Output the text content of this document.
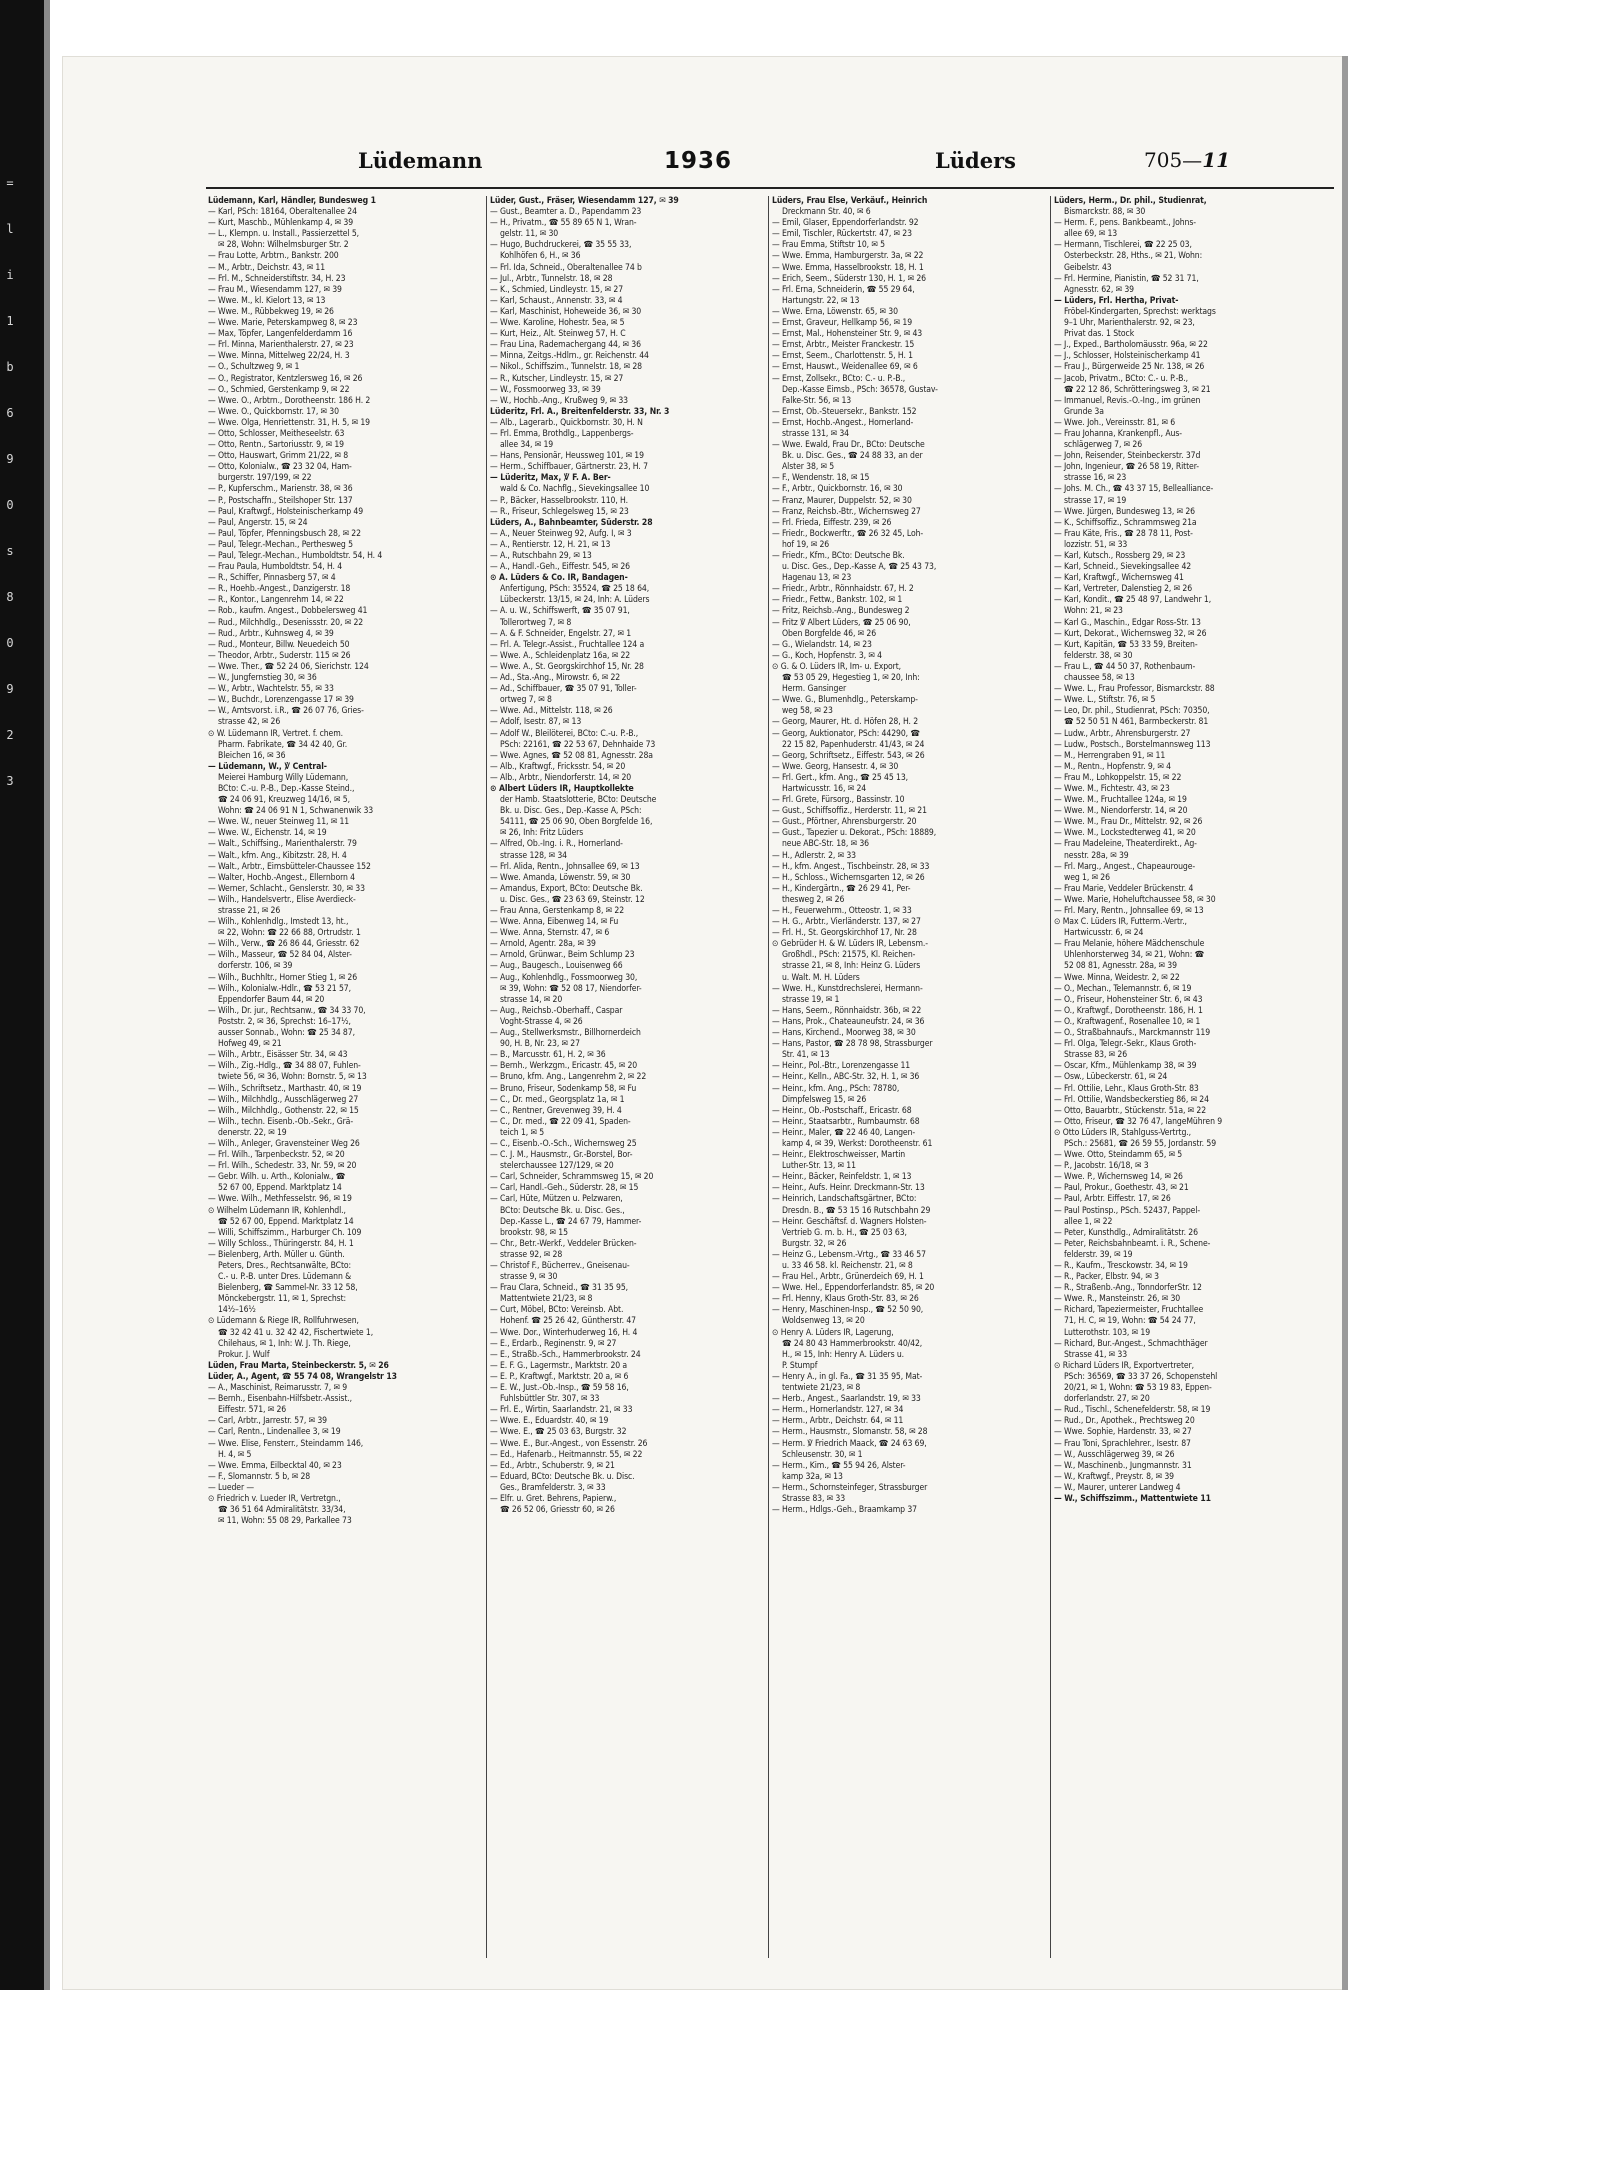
=
l
i
1
b
6
9
0
s
8
0
9
2
3
Lüdemann	1936	Lüders	705—11
Lüdemann, Karl, Händler, Bundesweg 1
— Karl, PSch: 18164, Oberaltenallee 24
— Kurt, Maschb., Mühlenkamp 4, ✉ 39
— L., Klempn. u. Install., Passierzettel 5,
✉ 28, Wohn: Wilhelmsburger Str. 2
— Frau Lotte, Arbtrn., Bankstr. 200
— M., Arbtr., Deichstr. 43, ✉ 11
— Frl. M., Schneiderstiftstr. 34, H. 23
— Frau M., Wiesendamm 127, ✉ 39
— Wwe. M., kl. Kielort 13, ✉ 13
— Wwe. M., Rübbekweg 19, ✉ 26
— Wwe. Marie, Peterskampweg 8, ✉ 23
— Max, Töpfer, Langenfelderdamm 16
— Frl. Minna, Marienthalerstr. 27, ✉ 23
— Wwe. Minna, Mittelweg 22/24, H. 3
— O., Schultzweg 9, ✉ 1
— O., Registrator, Kentzlersweg 16, ✉ 26
— O., Schmied, Gerstenkamp 9, ✉ 22
— Wwe. O., Arbtrn., Dorotheenstr. 186 H. 2
— Wwe. O., Quickbornstr. 17, ✉ 30
— Wwe. Olga, Henriettenstr. 31, H. 5, ✉ 19
— Otto, Schlosser, Meitheseelstr. 63
— Otto, Rentn., Sartoriusstr. 9, ✉ 19
— Otto, Hauswart, Grimm 21/22, ✉ 8
— Otto, Kolonialw., ☎ 23 32 04, Ham-
burgerstr. 197/199, ✉ 22
— P., Kupferschm., Marienstr. 38, ✉ 36
— P., Postschaffn., Steilshoper Str. 137
— Paul, Kraftwgf., Holsteinischerkamp 49
— Paul, Angerstr. 15, ✉ 24
— Paul, Töpfer, Pfenningsbusch 28, ✉ 22
— Paul, Telegr.-Mechan., Perthesweg 5
— Paul, Telegr.-Mechan., Humboldtstr. 54, H. 4
— Frau Paula, Humboldtstr. 54, H. 4
— R., Schiffer, Pinnasberg 57, ✉ 4
— R., Hoehb.-Angest., Danzigerstr. 18
— R., Kontor., Langenrehm 14, ✉ 22
— Rob., kaufm. Angest., Dobbelersweg 41
— Rud., Milchhdlg., Desenissstr. 20, ✉ 22
— Rud., Arbtr., Kuhnsweg 4, ✉ 39
— Rud., Monteur, Billw. Neuedeich 50
— Theodor, Arbtr., Suderstr. 115 ✉ 26
— Wwe. Ther., ☎ 52 24 06, Sierichstr. 124
— W., Jungfernstieg 30, ✉ 36
— W., Arbtr., Wachtelstr. 55, ✉ 33
— W., Buchdr., Lorenzengasse 17 ✉ 39
— W., Amtsvorst. i.R., ☎ 26 07 76, Gries-
strasse 42, ✉ 26
⊙ W. Lüdemann IR, Vertret. f. chem.
Pharm. Fabrikate, ☎ 34 42 40, Gr.
Bleichen 16, ✉ 36
— Lüdemann, W., ℣ Central-
Meierei Hamburg Willy Lüdemann,
BCto: C.-u. P.-B., Dep.-Kasse Steind.,
☎ 24 06 91, Kreuzweg 14/16, ✉ 5,
Wohn: ☎ 24 06 91 N 1, Schwanenwik 33
— Wwe. W., neuer Steinweg 11, ✉ 11
— Wwe. W., Eichenstr. 14, ✉ 19
— Walt., Schiffsing., Marienthalerstr. 79
— Walt., kfm. Ang., Kibitzstr. 28, H. 4
— Walt., Arbtr., Eimsbütteler-Chaussee 152
— Walter, Hochb.-Angest., Ellernborn 4
— Werner, Schlacht., Genslerstr. 30, ✉ 33
— Wilh., Handelsvertr., Elise Averdieck-
strasse 21, ✉ 26
— Wilh., Kohlenhdlg., Imstedt 13, ht.,
✉ 22, Wohn: ☎ 22 66 88, Ortrudstr. 1
— Wilh., Verw., ☎ 26 86 44, Griesstr. 62
— Wilh., Masseur, ☎ 52 84 04, Alster-
dorferstr. 106, ✉ 39
— Wilh., Buchhltr., Horner Stieg 1, ✉ 26
— Wilh., Kolonialw.-Hdlr., ☎ 53 21 57,
Eppendorfer Baum 44, ✉ 20
— Wilh., Dr. jur., Rechtsanw., ☎ 34 33 70,
Poststr. 2, ✉ 36, Sprechst: 16–17½,
ausser Sonnab., Wohn: ☎ 25 34 87,
Hofweg 49, ✉ 21
— Wilh., Arbtr., Eisässer Str. 34, ✉ 43
— Wilh., Zig.-Hdlg., ☎ 34 88 07, Fuhlen-
twiete 56, ✉ 36, Wohn: Bornstr. 5, ✉ 13
— Wilh., Schriftsetz., Marthastr. 40, ✉ 19
— Wilh., Milchhdlg., Ausschlägerweg 27
— Wilh., Milchhdlg., Gothenstr. 22, ✉ 15
— Wilh., techn. Eisenb.-Ob.-Sekr., Grä-
denerstr. 22, ✉ 19
— Wilh., Anleger, Gravensteiner Weg 26
— Frl. Wilh., Tarpenbeckstr. 52, ✉ 20
— Frl. Wilh., Schedestr. 33, Nr. 59, ✉ 20
— Gebr. Wilh. u. Arth., Kolonialw., ☎
52 67 00, Eppend. Marktplatz 14
— Wwe. Wilh., Methfesselstr. 96, ✉ 19
⊙ Wilhelm Lüdemann IR, Kohlenhdl.,
☎ 52 67 00, Eppend. Marktplatz 14
— Willi, Schiffszimm., Harburger Ch. 109
— Willy Schloss., Thüringerstr. 84, H. 1
— Bielenberg, Arth. Müller u. Günth.
Peters, Dres., Rechtsanwälte, BCto:
C.- u. P.-B. unter Dres. Lüdemann &
Bielenberg, ☎ Sammel-Nr. 33 12 58,
Mönckebergstr. 11, ✉ 1, Sprechst:
14½–16½
⊙ Lüdemann & Riege IR, Rollfuhrwesen,
☎ 32 42 41 u. 32 42 42, Fischertwiete 1,
Chilehaus, ✉ 1, Inh: W. J. Th. Riege,
Prokur. J. Wulf
Lüden, Frau Marta, Steinbeckerstr. 5, ✉ 26
Lüder, A., Agent, ☎ 55 74 08, Wrangelstr 13
— A., Maschinist, Reimarusstr. 7, ✉ 9
— Bernh., Eisenbahn-Hilfsbetr.-Assist.,
Eiffestr. 571, ✉ 26
— Carl, Arbtr., Jarrestr. 57, ✉ 39
— Carl, Rentn., Lindenallee 3, ✉ 19
— Wwe. Elise, Fensterr., Steindamm 146,
H. 4, ✉ 5
— Wwe. Emma, Eilbecktal 40, ✉ 23
— F., Slomannstr. 5 b, ✉ 28
— Lueder —
⊙ Friedrich v. Lueder IR, Vertretgn.,
☎ 36 51 64 Admiralitätstr. 33/34,
✉ 11, Wohn: 55 08 29, Parkallee 73
Lüder, Gust., Fräser, Wiesendamm 127, ✉ 39
— Gust., Beamter a. D., Papendamm 23
— H., Privatm., ☎ 55 89 65 N 1, Wran-
gelstr. 11, ✉ 30
— Hugo, Buchdruckerei, ☎ 35 55 33,
Kohlhöfen 6, H., ✉ 36
— Frl. Ida, Schneid., Oberaltenallee 74 b
— Jul., Arbtr., Tunnelstr. 18, ✉ 28
— K., Schmied, Lindleystr. 15, ✉ 27
— Karl, Schaust., Annenstr. 33, ✉ 4
— Karl, Maschinist, Hoheweide 36, ✉ 30
— Wwe. Karoline, Hohestr. 5ea, ✉ 5
— Kurt, Heiz., Alt. Steinweg 57, H. C
— Frau Lina, Rademachergang 44, ✉ 36
— Minna, Zeitgs.-Hdlrn., gr. Reichenstr. 44
— Nikol., Schiffszim., Tunnelstr. 18, ✉ 28
— R., Kutscher, Lindleystr. 15, ✉ 27
— W., Fossmoorweg 33, ✉ 39
— W., Hochb.-Ang., Krußweg 9, ✉ 33
Lüderitz, Frl. A., Breitenfelderstr. 33, Nr. 3
— Alb., Lagerarb., Quickbornstr. 30, H. N
— Frl. Emma, Brothdlg., Lappenbergs-
allee 34, ✉ 19
— Hans, Pensionär, Heussweg 101, ✉ 19
— Herm., Schiffbauer, Gärtnerstr. 23, H. 7
— Lüderitz, Max, ℣ F. A. Ber-
wald & Co. Nachflg., Sievekingsallee 10
— P., Bäcker, Hasselbrookstr. 110, H.
— R., Friseur, Schlegelsweg 15, ✉ 23
Lüders, A., Bahnbeamter, Süderstr. 28
— A., Neuer Steinweg 92, Aufg. I, ✉ 3
— A., Rentierstr. 12, H. 21, ✉ 13
— A., Rutschbahn 29, ✉ 13
— A., Handl.-Geh., Eiffestr. 545, ✉ 26
⊙ A. Lüders & Co. IR, Bandagen-
Anfertigung, PSch: 35524, ☎ 25 18 64,
Lübeckerstr. 13/15, ✉ 24, Inh: A. Lüders
— A. u. W., Schiffswerft, ☎ 35 07 91,
Tollerortweg 7, ✉ 8
— A. & F. Schneider, Engelstr. 27, ✉ 1
— Frl. A. Telegr.-Assist., Fruchtallee 124 a
— Wwe. A., Schleidenplatz 16a, ✉ 22
— Wwe. A., St. Georgskirchhof 15, Nr. 28
— Ad., Sta.-Ang., Mirowstr. 6, ✉ 22
— Ad., Schiffbauer, ☎ 35 07 91, Toller-
ortweg 7, ✉ 8
— Wwe. Ad., Mittelstr. 118, ✉ 26
— Adolf, Isestr. 87, ✉ 13
— Adolf W., Bleilöterei, BCto: C.-u. P.-B.,
PSch: 22161, ☎ 22 53 67, Dehnhaide 73
— Wwe. Agnes, ☎ 52 08 81, Agnesstr. 28a
— Alb., Kraftwgf., Fricksstr. 54, ✉ 20
— Alb., Arbtr., Niendorferstr. 14, ✉ 20
⊙ Albert Lüders IR, Hauptkollekte
der Hamb. Staatslotterie, BCto: Deutsche
Bk. u. Disc. Ges., Dep.-Kasse A, PSch:
54111, ☎ 25 06 90, Oben Borgfelde 16,
✉ 26, Inh: Fritz Lüders
— Alfred, Ob.-Ing. i. R., Hornerland-
strasse 128, ✉ 34
— Frl. Alida, Rentn., Johnsallee 69, ✉ 13
— Wwe. Amanda, Löwenstr. 59, ✉ 30
— Amandus, Export, BCto: Deutsche Bk.
u. Disc. Ges., ☎ 23 63 69, Steinstr. 12
— Frau Anna, Gerstenkamp 8, ✉ 22
— Wwe. Anna, Eibenweg 14, ✉ Fu
— Wwe. Anna, Sternstr. 47, ✉ 6
— Arnold, Agentr. 28a, ✉ 39
— Arnold, Grünwar., Beim Schlump 23
— Aug., Baugesch., Louisenweg 66
— Aug., Kohlenhdlg., Fossmoorweg 30,
✉ 39, Wohn: ☎ 52 08 17, Niendorfer-
strasse 14, ✉ 20
— Aug., Reichsb.-Oberhaff., Caspar
Voght-Strasse 4, ✉ 26
— Aug., Stellwerksmstr., Billhornerdeich
90, H. B, Nr. 23, ✉ 27
— B., Marcusstr. 61, H. 2, ✉ 36
— Bernh., Werkzgm., Ericastr. 45, ✉ 20
— Bruno, kfm. Ang., Langenrehm 2, ✉ 22
— Bruno, Friseur, Sodenkamp 58, ✉ Fu
— C., Dr. med., Georgsplatz 1a, ✉ 1
— C., Rentner, Grevenweg 39, H. 4
— C., Dr. med., ☎ 22 09 41, Spaden-
teich 1, ✉ 5
— C., Eisenb.-O.-Sch., Wichernsweg 25
— C. J. M., Hausmstr., Gr.-Borstel, Bor-
stelerchaussee 127/129, ✉ 20
— Carl, Schneider, Schrammsweg 15, ✉ 20
— Carl, Handl.-Geh., Süderstr. 28, ✉ 15
— Carl, Hüte, Mützen u. Pelzwaren,
BCto: Deutsche Bk. u. Disc. Ges.,
Dep.-Kasse L., ☎ 24 67 79, Hammer-
brookstr. 98, ✉ 15
— Chr., Betr.-Werkf., Veddeler Brücken-
strasse 92, ✉ 28
— Christof F., Bücherrev., Gneisenau-
strasse 9, ✉ 30
— Frau Clara, Schneid., ☎ 31 35 95,
Mattentwiete 21/23, ✉ 8
— Curt, Möbel, BCto: Vereinsb. Abt.
Hohenf. ☎ 25 26 42, Güntherstr. 47
— Wwe. Dor., Winterhuderweg 16, H. 4
— E., Erdarb., Reginenstr. 9, ✉ 27
— E., Straßb.-Sch., Hammerbrookstr. 24
— E. F. G., Lagermstr., Marktstr. 20 a
— E. P., Kraftwgf., Marktstr. 20 a, ✉ 6
— E. W., Just.-Ob.-Insp., ☎ 59 58 16,
Fuhlsbüttler Str. 307, ✉ 33
— Frl. E., Wirtin, Saarlandstr. 21, ✉ 33
— Wwe. E., Eduardstr. 40, ✉ 19
— Wwe. E., ☎ 25 03 63, Burgstr. 32
— Wwe. E., Bur.-Angest., von Essenstr. 26
— Ed., Hafenarb., Heitmannstr. 55, ✉ 22
— Ed., Arbtr., Schuberstr. 9, ✉ 21
— Eduard, BCto: Deutsche Bk. u. Disc.
Ges., Bramfelderstr. 3, ✉ 33
— Elfr. u. Gret. Behrens, Papierw.,
☎ 26 52 06, Griesstr 60, ✉ 26
Lüders, Frau Else, Verkäuf., Heinrich
Dreckmann Str. 40, ✉ 6
— Emil, Glaser, Eppendorferlandstr. 92
— Emil, Tischler, Rückertstr. 47, ✉ 23
— Frau Emma, Stiftstr 10, ✉ 5
— Wwe. Emma, Hamburgerstr. 3a, ✉ 22
— Wwe. Emma, Hasselbrookstr. 18, H. 1
— Erich, Seem., Süderstr 130, H. 1, ✉ 26
— Frl. Erna, Schneiderin, ☎ 55 29 64,
Hartungstr. 22, ✉ 13
— Wwe. Erna, Löwenstr. 65, ✉ 30
— Ernst, Graveur, Hellkamp 56, ✉ 19
— Ernst, Mal., Hohensteiner Str. 9, ✉ 43
— Ernst, Arbtr., Meister Franckestr. 15
— Ernst, Seem., Charlottenstr. 5, H. 1
— Ernst, Hauswt., Weidenallee 69, ✉ 6
— Ernst, Zollsekr., BCto: C.- u. P.-B.,
Dep.-Kasse Eimsb., PSch: 36578, Gustav-
Falke-Str. 56, ✉ 13
— Ernst, Ob.-Steuersekr., Bankstr. 152
— Ernst, Hochb.-Angest., Hornerland-
strasse 131, ✉ 34
— Wwe. Ewald, Frau Dr., BCto: Deutsche
Bk. u. Disc. Ges., ☎ 24 88 33, an der
Alster 38, ✉ 5
— F., Wendenstr. 18, ✉ 15
— F., Arbtr., Quickbornstr. 16, ✉ 30
— Franz, Maurer, Duppelstr. 52, ✉ 30
— Franz, Reichsb.-Btr., Wichernsweg 27
— Frl. Frieda, Eiffestr. 239, ✉ 26
— Friedr., Bockwerftr., ☎ 26 32 45, Loh-
hof 19, ✉ 26
— Friedr., Kfm., BCto: Deutsche Bk.
u. Disc. Ges., Dep.-Kasse A, ☎ 25 43 73,
Hagenau 13, ✉ 23
— Friedr., Arbtr., Rönnhaidstr. 67, H. 2
— Friedr., Fettw., Bankstr. 102, ✉ 1
— Fritz, Reichsb.-Ang., Bundesweg 2
— Fritz ℣ Albert Lüders, ☎ 25 06 90,
Oben Borgfelde 46, ✉ 26
— G., Wielandstr. 14, ✉ 23
— G., Koch, Hopfenstr. 3, ✉ 4
⊙ G. & O. Lüders IR, Im- u. Export,
☎ 53 05 29, Hegestieg 1, ✉ 20, Inh:
Herm. Gansinger
— Wwe. G., Blumenhdlg., Peterskamp-
weg 58, ✉ 23
— Georg, Maurer, Ht. d. Höfen 28, H. 2
— Georg, Auktionator, PSch: 44290, ☎
22 15 82, Papenhuderstr. 41/43, ✉ 24
— Georg, Schriftsetz., Eiffestr. 543, ✉ 26
— Wwe. Georg, Hansestr. 4, ✉ 30
— Frl. Gert., kfm. Ang., ☎ 25 45 13,
Hartwicusstr. 16, ✉ 24
— Frl. Grete, Fürsorg., Bassinstr. 10
— Gust., Schiffsoffiz., Herderstr. 11, ✉ 21
— Gust., Pförtner, Ahrensburgerstr. 20
— Gust., Tapezier u. Dekorat., PSch: 18889,
neue ABC-Str. 18, ✉ 36
— H., Adlerstr. 2, ✉ 33
— H., kfm. Angest., Tischbeinstr. 28, ✉ 33
— H., Schloss., Wichernsgarten 12, ✉ 26
— H., Kindergärtn., ☎ 26 29 41, Per-
thesweg 2, ✉ 26
— H., Feuerwehrm., Otteostr. 1, ✉ 33
— H. G., Arbtr., Vierländerstr. 137, ✉ 27
— Frl. H., St. Georgskirchhof 17, Nr. 28
⊙ Gebrüder H. & W. Lüders IR, Lebensm.-
Großhdl., PSch: 21575, Kl. Reichen-
strasse 21, ✉ 8, Inh: Heinz G. Lüders
u. Walt. M. H. Lüders
— Wwe. H., Kunstdrechslerei, Hermann-
strasse 19, ✉ 1
— Hans, Seem., Rönnhaidstr. 36b, ✉ 22
— Hans, Prok., Chateauneufstr. 24, ✉ 36
— Hans, Kirchend., Moorweg 38, ✉ 30
— Hans, Pastor, ☎ 28 78 98, Strassburger
Str. 41, ✉ 13
— Heinr., Pol.-Btr., Lorenzengasse 11
— Heinr., Kelln., ABC-Str. 32, H. 1, ✉ 36
— Heinr., kfm. Ang., PSch: 78780,
Dimpfelsweg 15, ✉ 26
— Heinr., Ob.-Postschaff., Ericastr. 68
— Heinr., Staatsarbtr., Rumbaumstr. 68
— Heinr., Maler, ☎ 22 46 40, Langen-
kamp 4, ✉ 39, Werkst: Dorotheenstr. 61
— Heinr., Elektroschweisser, Martin
Luther-Str. 13, ✉ 11
— Heinr., Bäcker, Reinfeldstr. 1, ✉ 13
— Heinr., Aufs. Heinr. Dreckmann-Str. 13
— Heinrich, Landschaftsgärtner, BCto:
Dresdn. B., ☎ 53 15 16 Rutschbahn 29
— Heinr. Geschäftsf. d. Wagners Holsten-
Vertrieb G. m. b. H., ☎ 25 03 63,
Burgstr. 32, ✉ 26
— Heinz G., Lebensm.-Vrtg., ☎ 33 46 57
u. 33 46 58. kl. Reichenstr. 21, ✉ 8
— Frau Hel., Arbtr., Grünerdeich 69, H. 1
— Wwe. Hel., Eppendorferlandstr. 85, ✉ 20
— Frl. Henny, Klaus Groth-Str. 83, ✉ 26
— Henry, Maschinen-Insp., ☎ 52 50 90,
Woldsenweg 13, ✉ 20
⊙ Henry A. Lüders IR, Lagerung,
☎ 24 80 43 Hammerbrookstr. 40/42,
H., ✉ 15, Inh: Henry A. Lüders u.
P. Stumpf
— Henry A., in gl. Fa., ☎ 31 35 95, Mat-
tentwiete 21/23, ✉ 8
— Herb., Angest., Saarlandstr. 19, ✉ 33
— Herm., Hornerlandstr. 127, ✉ 34
— Herm., Arbtr., Deichstr. 64, ✉ 11
— Herm., Hausmstr., Slomanstr. 58, ✉ 28
— Herm. ℣ Friedrich Maack, ☎ 24 63 69,
Schleusenstr. 30, ✉ 1
— Herm., Kim., ☎ 55 94 26, Alster-
kamp 32a, ✉ 13
— Herm., Schornsteinfeger, Strassburger
Strasse 83, ✉ 33
— Herm., Hdlgs.-Geh., Braamkamp 37
Lüders, Herm., Dr. phil., Studienrat,
Bismarckstr. 88, ✉ 30
— Herm. F., pens. Bankbeamt., Johns-
allee 69, ✉ 13
— Hermann, Tischlerei, ☎ 22 25 03,
Osterbeckstr. 28, Hths., ✉ 21, Wohn:
Geibelstr. 43
— Frl. Hermine, Pianistin, ☎ 52 31 71,
Agnesstr. 62, ✉ 39
— Lüders, Frl. Hertha, Privat-
Fröbel-Kindergarten, Sprechst: werktags
9–1 Uhr, Marienthalerstr. 92, ✉ 23,
Privat das. 1 Stock
— J., Exped., Bartholomäusstr. 96a, ✉ 22
— J., Schlosser, Holsteinischerkamp 41
— Frau J., Bürgerweide 25 Nr. 138, ✉ 26
— Jacob, Privatm., BCto: C.- u. P.-B.,
☎ 22 12 86, Schrötteringsweg 3, ✉ 21
— Immanuel, Revis.-O.-Ing., im grünen
Grunde 3a
— Wwe. Joh., Vereinsstr. 81, ✉ 6
— Frau Johanna, Krankenpfl., Aus-
schlägerweg 7, ✉ 26
— John, Reisender, Steinbeckerstr. 37d
— John, Ingenieur, ☎ 26 58 19, Ritter-
strasse 16, ✉ 23
— Johs. M. Ch., ☎ 43 37 15, Bellealliance-
strasse 17, ✉ 19
— Wwe. Jürgen, Bundesweg 13, ✉ 26
— K., Schiffsoffiz., Schrammsweg 21a
— Frau Käte, Fris., ☎ 28 78 11, Post-
lozzistr. 51, ✉ 33
— Karl, Kutsch., Rossberg 29, ✉ 23
— Karl, Schneid., Sievekingsallee 42
— Karl, Kraftwgf., Wichernsweg 41
— Karl, Vertreter, Dalenstieg 2, ✉ 26
— Karl, Kondit., ☎ 25 48 97, Landwehr 1,
Wohn: 21, ✉ 23
— Karl G., Maschin., Edgar Ross-Str. 13
— Kurt, Dekorat., Wichernsweg 32, ✉ 26
— Kurt, Kapitän, ☎ 53 33 59, Breiten-
felderstr. 38, ✉ 30
— Frau L., ☎ 44 50 37, Rothenbaum-
chaussee 58, ✉ 13
— Wwe. L., Frau Professor, Bismarckstr. 88
— Wwe. L., Stiftstr. 76, ✉ 5
— Leo, Dr. phil., Studienrat, PSch: 70350,
☎ 52 50 51 N 461, Barmbeckerstr. 81
— Ludw., Arbtr., Ahrensburgerstr. 27
— Ludw., Postsch., Borstelmannsweg 113
— M., Herrengraben 91, ✉ 11
— M., Rentn., Hopfenstr. 9, ✉ 4
— Frau M., Lohkoppelstr. 15, ✉ 22
— Wwe. M., Fichtestr. 43, ✉ 23
— Wwe. M., Fruchtallee 124a, ✉ 19
— Wwe. M., Niendorferstr. 14, ✉ 20
— Wwe. M., Frau Dr., Mittelstr. 92, ✉ 26
— Wwe. M., Lockstedterweg 41, ✉ 20
— Frau Madeleine, Theaterdirekt., Ag-
nesstr. 28a, ✉ 39
— Frl. Marg., Angest., Chapeaurouge-
weg 1, ✉ 26
— Frau Marie, Veddeler Brückenstr. 4
— Wwe. Marie, Hoheluftchaussee 58, ✉ 30
— Frl. Mary, Rentn., Johnsallee 69, ✉ 13
⊙ Max C. Lüders IR, Futterm.-Vertr.,
Hartwicusstr. 6, ✉ 24
— Frau Melanie, höhere Mädchenschule
Uhlenhorsterweg 34, ✉ 21, Wohn: ☎
52 08 81, Agnesstr. 28a, ✉ 39
— Wwe. Minna, Weidestr. 2, ✉ 22
— O., Mechan., Telemannstr. 6, ✉ 19
— O., Friseur, Hohensteiner Str. 6, ✉ 43
— O., Kraftwgf., Dorotheenstr. 186, H. 1
— O., Kraftwagenf., Rosenallee 10, ✉ 1
— O., Straßbahnaufs., Marckmannstr 119
— Frl. Olga, Telegr.-Sekr., Klaus Groth-
Strasse 83, ✉ 26
— Oscar, Kfm., Mühlenkamp 38, ✉ 39
— Osw., Lübeckerstr. 61, ✉ 24
— Frl. Ottilie, Lehr., Klaus Groth-Str. 83
— Frl. Ottilie, Wandsbeckerstieg 86, ✉ 24
— Otto, Bauarbtr., Stückenstr. 51a, ✉ 22
— Otto, Friseur, ☎ 32 76 47, langeMühren 9
⊙ Otto Lüders IR, Stahlguss-Vertrtg.,
PSch.: 25681, ☎ 26 59 55, Jordanstr. 59
— Wwe. Otto, Steindamm 65, ✉ 5
— P., Jacobstr. 16/18, ✉ 3
— Wwe. P., Wichernsweg 14, ✉ 26
— Paul, Prokur., Goethestr. 43, ✉ 21
— Paul, Arbtr. Eiffestr. 17, ✉ 26
— Paul Postinsp., PSch. 52437, Pappel-
allee 1, ✉ 22
— Peter, Kunsthdlg., Admiralitätstr. 26
— Peter, Reichsbahnbeamt. i. R., Schene-
felderstr. 39, ✉ 19
— R., Kaufm., Tresckowstr. 34, ✉ 19
— R., Packer, Elbstr. 94, ✉ 3
— R., Straßenb.-Ang., TonndorferStr. 12
— Wwe. R., Mansteinstr. 26, ✉ 30
— Richard, Tapeziermeister, Fruchtallee
71, H. C, ✉ 19, Wohn: ☎ 54 24 77,
Lutterothstr. 103, ✉ 19
— Richard, Bur.-Angest., Schmachthäger
Strasse 41, ✉ 33
⊙ Richard Lüders IR, Exportvertreter,
PSch: 36569, ☎ 33 37 26, Schopenstehl
20/21, ✉ 1, Wohn: ☎ 53 19 83, Eppen-
dorferlandstr. 27, ✉ 20
— Rud., Tischl., Schenefelderstr. 58, ✉ 19
— Rud., Dr., Apothek., Prechtsweg 20
— Wwe. Sophie, Hardenstr. 33, ✉ 27
— Frau Toni, Sprachlehrer., Isestr. 87
— W., Ausschlägerweg 39, ✉ 26
— W., Maschinenb., Jungmannstr. 31
— W., Kraftwgf., Preystr. 8, ✉ 39
— W., Maurer, unterer Landweg 4
— W., Schiffszimm., Mattentwiete 11
